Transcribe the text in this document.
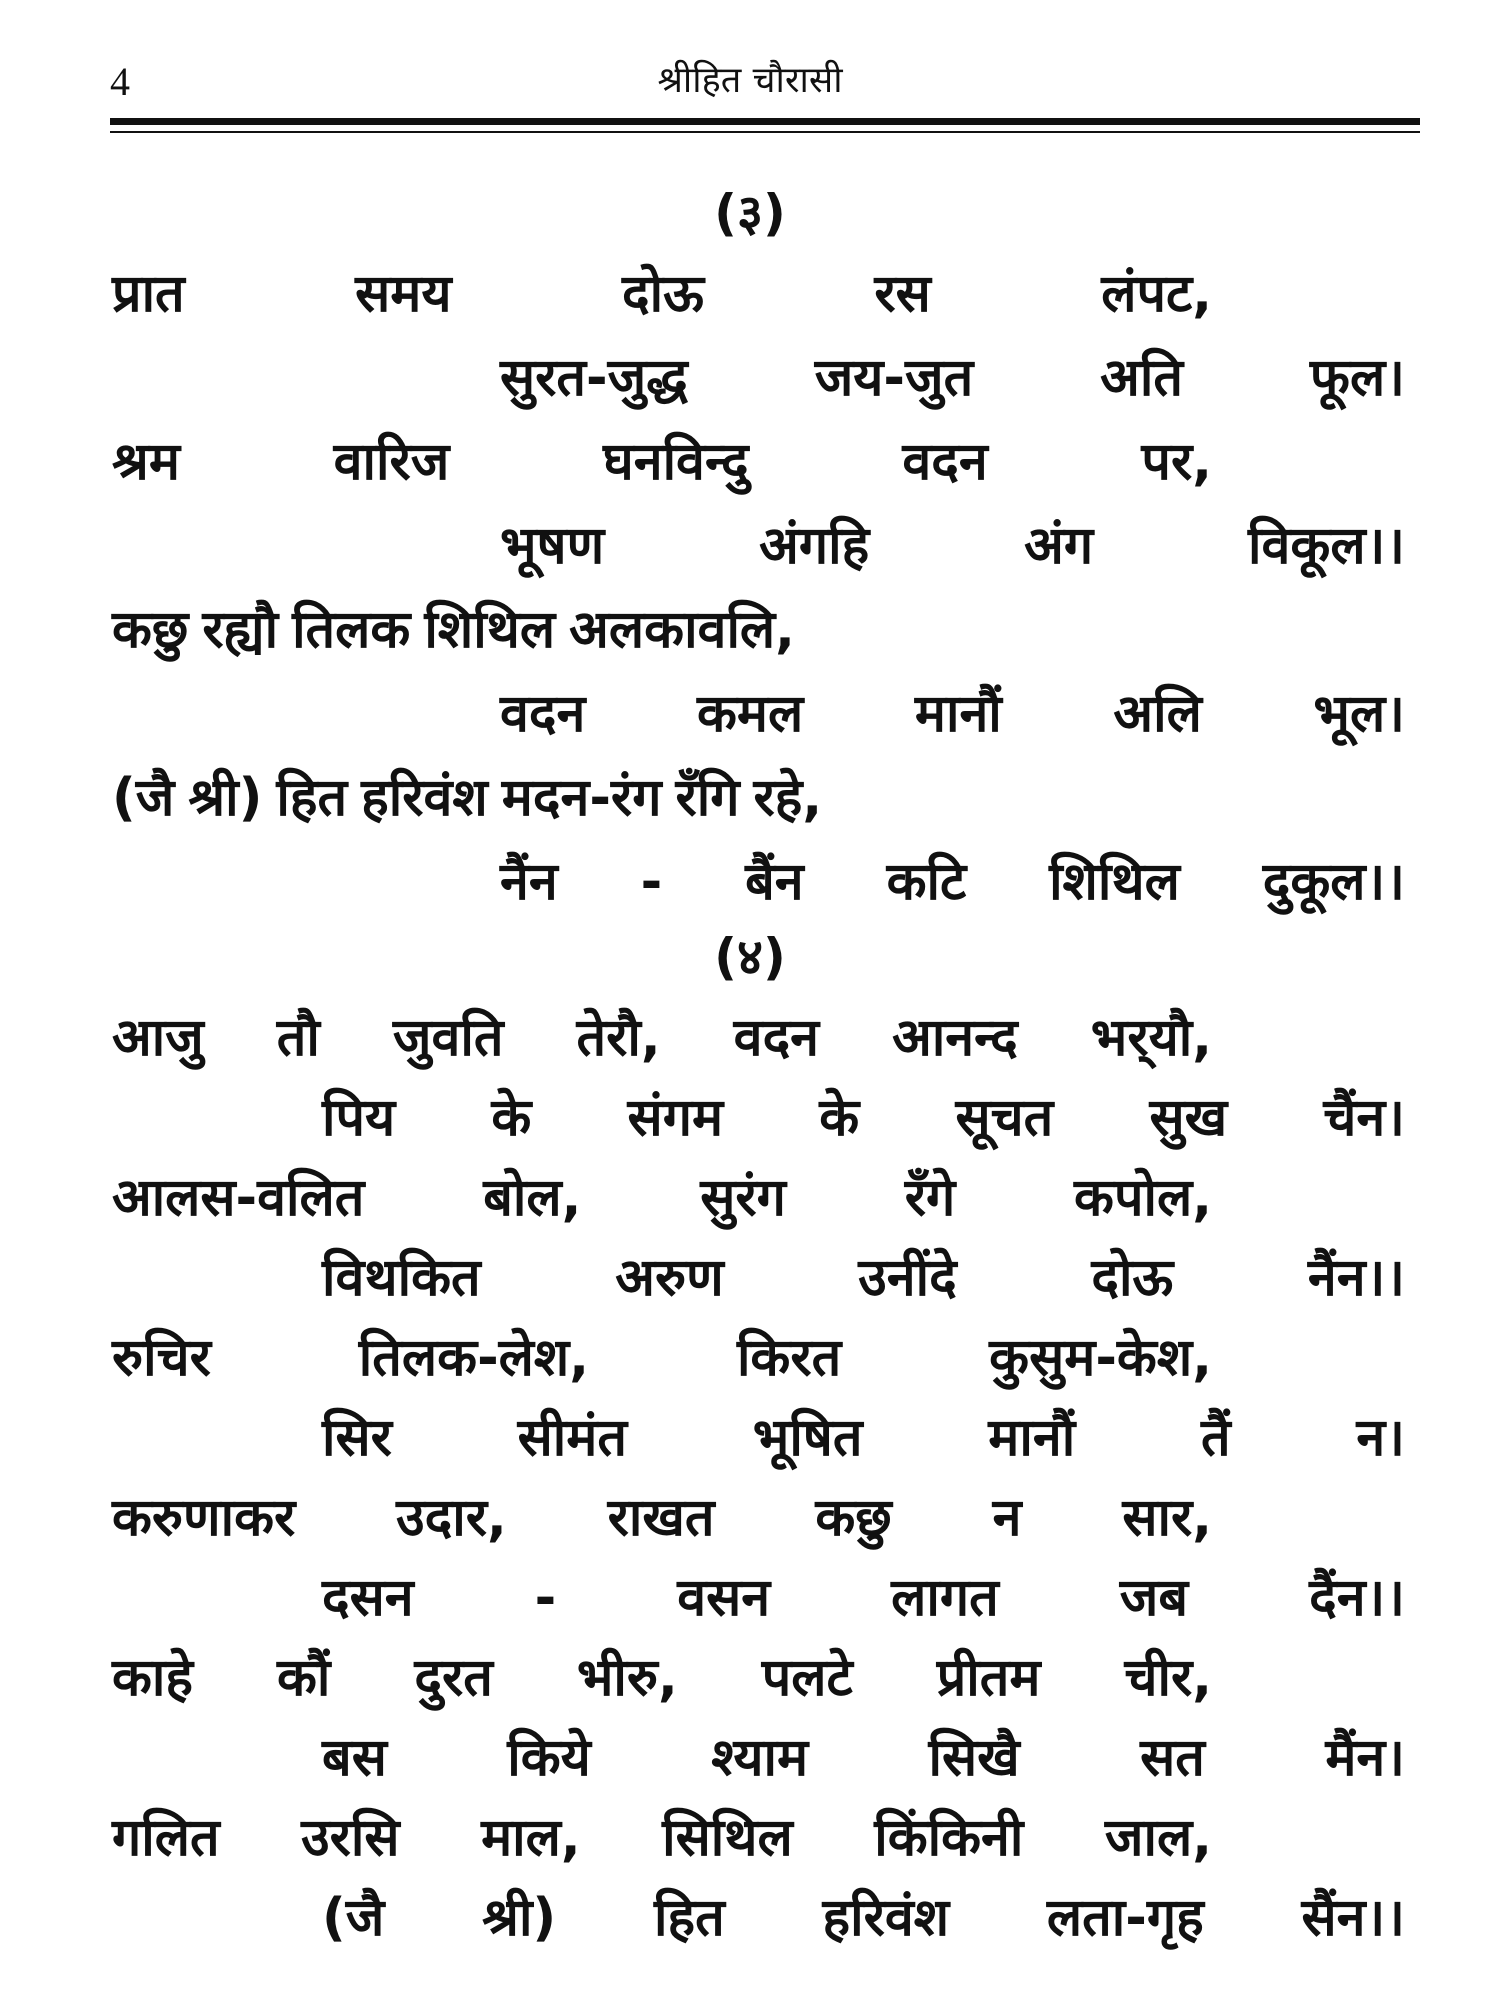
4	श्रीहित चौरासी
(३)
प्रात	समय	दोऊ	रस	लंपट,
सुरत-जुद्ध जय-जुत अति फूल।
श्रम	वारिज	घनविन्दु	वदन	पर,
भूषण	अंगहि	अंग	विकूल।।
कछु रह्यौ तिलक शिथिल अलकावलि,
वदन कमल मानौं अलि भूल।
(जै श्री) हित हरिवंश मदन-रंग रँगि रहे,
नैंन - बैंन कटि शिथिल दुकूल।।
(४)
आजु तौ जुवति तेरौ, वदन आनन्द भर्‌यौ,
पिय के संगम के सूचत सुख चैंन।
आलस-वलित बोल, सुरंग रँगे कपोल,
विथकित	अरुण	उनींदे	दोऊ	नैंन।।
रुचिर	तिलक-लेश,	किरत	कुसुम-केश,
सिर सीमंत भूषित मानौं तैं न।
करुणाकर उदार, राखत कछु न सार,
दसन - वसन लागत जब दैंन।।
काहे कौं दुरत भीरु, पलटे प्रीतम चीर,
बस किये श्याम सिखै सत मैंन।
गलित उरसि माल, सिथिल किंकिनी जाल,
(जै श्री) हित हरिवंश लता-गृह सैंन।।
